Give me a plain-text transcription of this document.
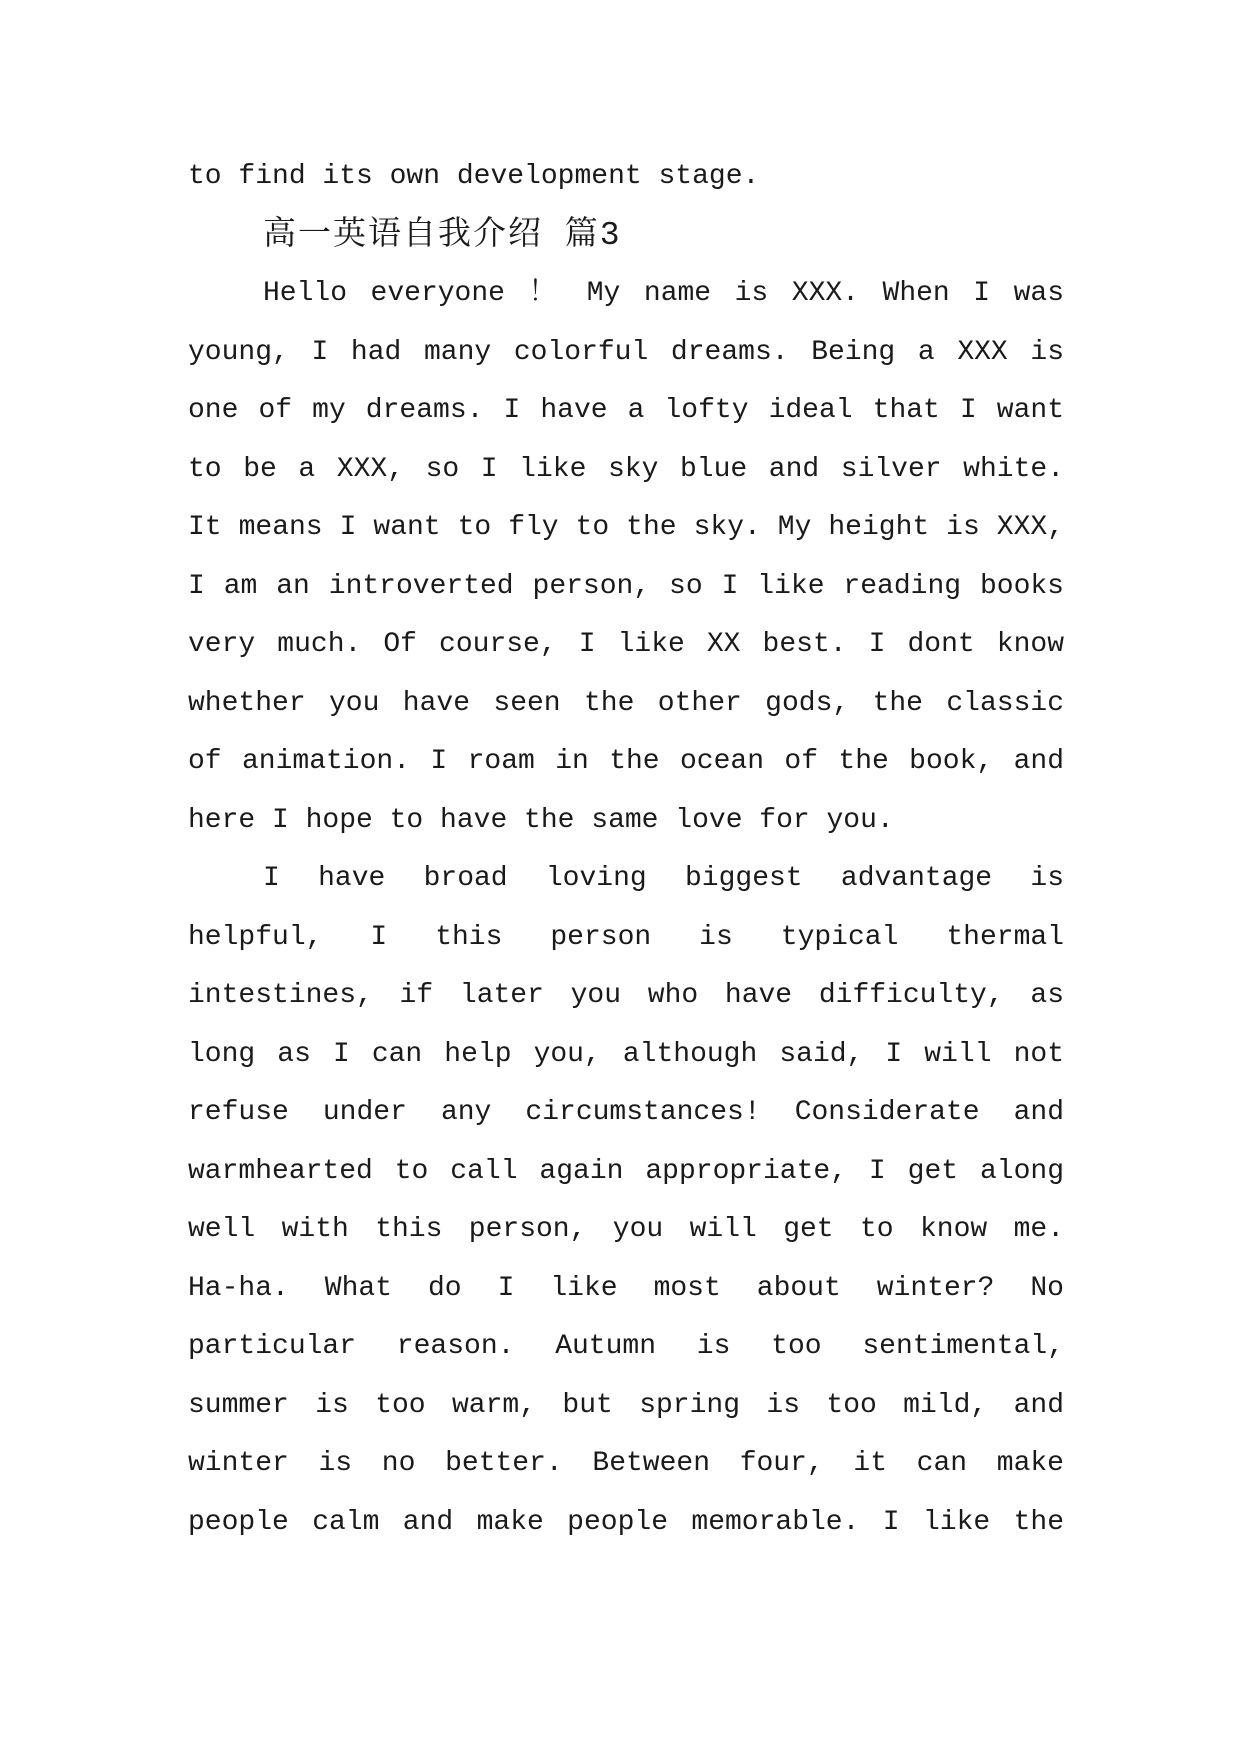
to find its own development stage.
高一英语自我介绍 篇3
Hello everyone ！ My name is XXX. When I was
young, I had many colorful dreams. Being a XXX is
one of my dreams. I have a lofty ideal that I want
to be a XXX, so I like sky blue and silver white.
It means I want to fly to the sky. My height is XXX,
I am an introverted person, so I like reading books
very much. Of course, I like XX best. I dont know
whether you have seen the other gods, the classic
of animation. I roam in the ocean of the book, and
here I hope to have the same love for you.
I have broad loving biggest advantage is
helpful, I this person is typical thermal
intestines, if later you who have difficulty, as
long as I can help you, although said, I will not
refuse under any circumstances! Considerate and
warmhearted to call again appropriate, I get along
well with this person, you will get to know me.
Ha-ha. What do I like most about winter? No
particular reason. Autumn is too sentimental,
summer is too warm, but spring is too mild, and
winter is no better. Between four, it can make
people calm and make people memorable. I like the
